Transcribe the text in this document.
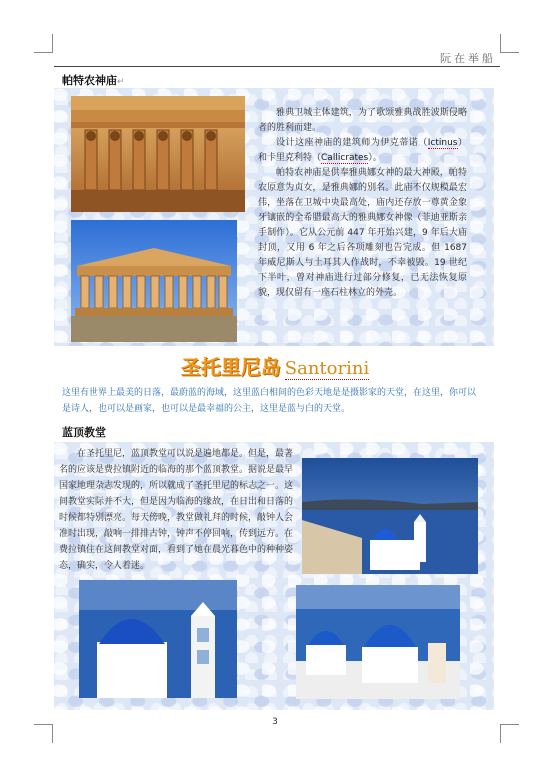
阮在举船
帕特农神庙↵

雅典卫城主体建筑，为了歌颂雅典战胜波斯侵略者的胜利而建。

设计这座神庙的建筑师为伊克蒂诺（Ictinus）和卡里克利特（Callicrates）。

帕特农神庙是供奉雅典娜女神的最大神殿，帕特农原意为贞女，是雅典娜的别名。此庙不仅规模最宏伟，坐落在卫城中央最高处，庙内还存放一尊黄金象牙镶嵌的全希腊最高大的雅典娜女神像（菲迪亚斯亲手制作）。它从公元前 447 年开始兴建，9 年后大庙封顶，又用 6 年之后各项雕刻也告完成。但 1687 年威尼斯人与土耳其人作战时，不幸被毁。19 世纪下半叶，曾对神庙进行过部分修复，已无法恢复原貌，现仅留有一座石柱林立的外壳。

圣托里尼岛 Santorini
这里有世界上最美的日落，最蔚蓝的海域，这里蓝白相间的色彩天地是是摄影家的天堂，在这里，你可以是诗人，也可以是画家，也可以是最幸福的公主，这里是蓝与白的天堂。
蓝顶教堂

在圣托里尼，蓝顶教堂可以说是遍地都是。但是，最著名的应该是费拉镇附近的临海的那个蓝顶教堂。据说是最早国家地理杂志发现的，所以就成了圣托里尼的标志之一。这间教堂实际并不大，但是因为临海的缘故，在日出和日落的时候都特别漂亮。每天傍晚，教堂做礼拜的时候，敲钟人会准时出现，敲响一排排古钟，钟声不停回响，传到远方。在费拉镇住在这间教堂对面，看到了她在晨光暮色中的种种姿态，确实，令人着迷。

3
